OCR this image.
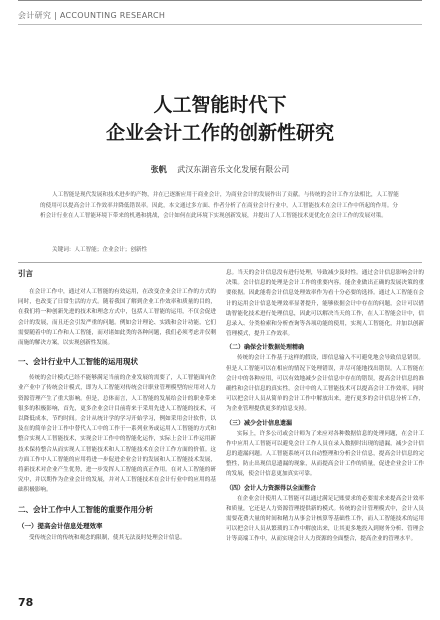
会计研究 | ACCOUNTING RESEARCH
人工智能时代下
企业会计工作的创新性研究
张帆 武汉东湖音乐文化发展有限公司
人工智能是现代发展和技术进步的产物，并在已逐渐应用于商业会计，为商业会计的发展作出了贡献。与传统的会计工作方法相比，人工智能的使用可以提高会计工作效率并降低错误率。因此，本文通过多方面、作者分析了在商业会计行业中，人工智能技术在会计工作中所起的作用。分析会计行业在人工智能环境下带来的机遇和挑战，会计如何在此环境下实现创新发展，并提出了人工智能技术更优化在会计工作的发展对策。
关键词：人工智能；企业会计；创新性

引言

在会计工作中，通过对人工智能的有效运用，在改变企业会计工作的方式的同时，也改变了日常生活的方式。随着我国了解到企业工作效率和质量的目的，在我们将一种创新先进的技术和理念方式中，包括人工智能的运用，不仅会促进会计的发展，而且还会引发严重的问题。例如会计理论、实践和会计功能，它们需要随着中的工作和人工智能，而对诸如此类的各种问题，我们必须考虑并仅剩而施的解决方案，以实现创新性发展。

一、会计行业中人工智能的运用现状

传统的会计模式已经不能够满足当前的企业发展的需要了，人工智能面向企业产业中了传统会计模式，即为人工智能对传统会计职业管理模型的应用对人力资源管理产生了重大影响。但是，总体而言，人工智能的发展给会计的职业带来很多的积极影响，首先，更多企业会计目前将来于采用先进人工智能的技术，可以降低成本，节约时间。会计从统计学的学习开始学习，例如采用会计软件，以及在的简单会计工作中替代人工中的工作于一系列业务或运用人工智能的方式和整合实现人工智能技术，实现会计工作中的智能化运作，实际上会计工作运用新技术保持整合从而实现人工智能技术和人工智能技术在会计工作方面的价值。这方面工作中人工智能的应用将进一步促进企业会计的发展和人工智能技术发展，将新技术对企业产生优势，进一步发挥人工智能的真正作用。在对人工智能的研究中，并以期作为企业会计的发展，并对人工智能技术在会计行业中的应用的基础积极影响。

二、会计工作中人工智能的重要作用分析

（一）提高会计信息处理效率

受传统会计的传统和观念的限制，使其无法及时处理会计信息。

息。当天的会计信息没有进行处理，导致减少及时性。通过会计信息影响会计的决策。会计信息的处理是会计工作的重要内容。能企业做出正确的发展决策的重要依据。因此能将会计信息处理效率作为看十分必要的选择。通过人工智能在会计的运用会计信息处理效率显著提升，能够依据会计中存在的问题，会计可以借助智能化技术进行处理信息，因此可以解决当天的工作，在人工智能会计中，信息录入、分类检索和分析查询等各项功能的使用，实现人工智能化，并加以创新管理模式，提升工作效率。

（二）确保会计数据处理精确

传统的会计工作基于这样的假设，即信息输入不可避免地会导致信息错误。但是人工智能可以在相应的情况下处理错误，并尽可能地找出错误。人工智能在会计中的各种应用，可以有效地减少会计信息中存在的错误，提高会计信息的准确性和会计信息的真实性。会计中的人工智能技术可以提高会计工作效率，同时可以把会计人员从简单的会计工作中解放出来，进行更多的会计信息分析工作，为企业管理提供更多的信息支持。

（三）减少会计信息遗漏

实际上，许多公司或会计师为了来应对各种数据信息的处理问题，在会计工作中应用人工智能可以避免会计工作人员在录入数据时出现的遗漏，减少会计信息的遗漏问题。人工智能系统可以自动整理和分析会计信息，提高会计信息的完整性，防止出现信息遗漏的现象，从而提高会计工作的质量，促进企业会计工作的发展，使会计信息更加真实可靠。

（四）会计人力资源得以全面整合

在企业会计使用人工智能可以通过满足记账要求的必要需求来提高会计效率和质量，它还是人力资源管理提供新的模式。传统的会计管理模式中，会计人员需要花费大量的时间和精力从事会计核算等基础性工作，而人工智能技术的运用可以把会计人员从繁琐的工作中解放出来，让其更多地投入到财务分析、管理会计等高端工作中，从而实现会计人力资源的全面整合，提高企业的管理水平。

78
